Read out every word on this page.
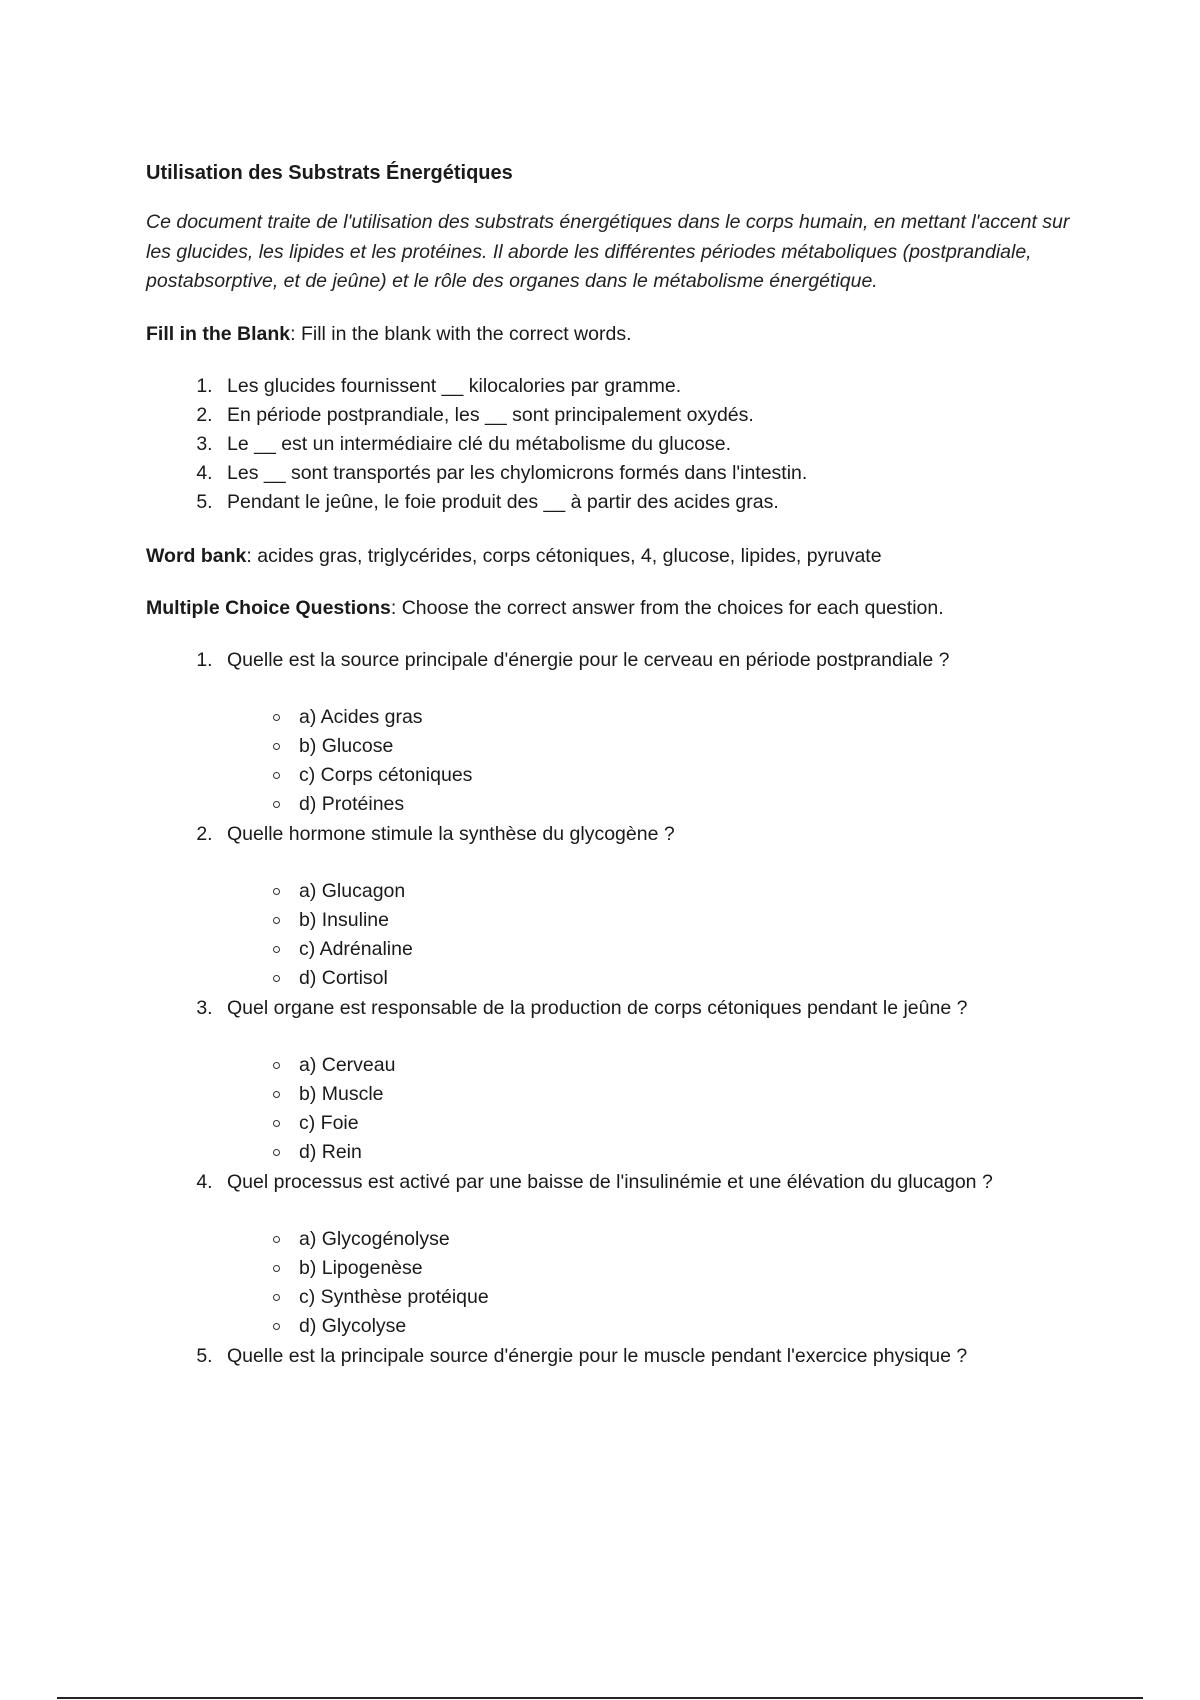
Utilisation des Substrats Énergétiques
Ce document traite de l'utilisation des substrats énergétiques dans le corps humain, en mettant l'accent sur les glucides, les lipides et les protéines. Il aborde les différentes périodes métaboliques (postprandiale, postabsorptive, et de jeûne) et le rôle des organes dans le métabolisme énergétique.
Fill in the Blank: Fill in the blank with the correct words.
1. Les glucides fournissent __ kilocalories par gramme.
2. En période postprandiale, les __ sont principalement oxydés.
3. Le __ est un intermédiaire clé du métabolisme du glucose.
4. Les __ sont transportés par les chylomicrons formés dans l'intestin.
5. Pendant le jeûne, le foie produit des __ à partir des acides gras.
Word bank: acides gras, triglycérides, corps cétoniques, 4, glucose, lipides, pyruvate
Multiple Choice Questions: Choose the correct answer from the choices for each question.
1. Quelle est la source principale d'énergie pour le cerveau en période postprandiale ?
a) Acides gras
b) Glucose
c) Corps cétoniques
d) Protéines
2. Quelle hormone stimule la synthèse du glycogène ?
a) Glucagon
b) Insuline
c) Adrénaline
d) Cortisol
3. Quel organe est responsable de la production de corps cétoniques pendant le jeûne ?
a) Cerveau
b) Muscle
c) Foie
d) Rein
4. Quel processus est activé par une baisse de l'insulinémie et une élévation du glucagon ?
a) Glycogénolyse
b) Lipogenèse
c) Synthèse protéique
d) Glycolyse
5. Quelle est la principale source d'énergie pour le muscle pendant l'exercice physique ?
